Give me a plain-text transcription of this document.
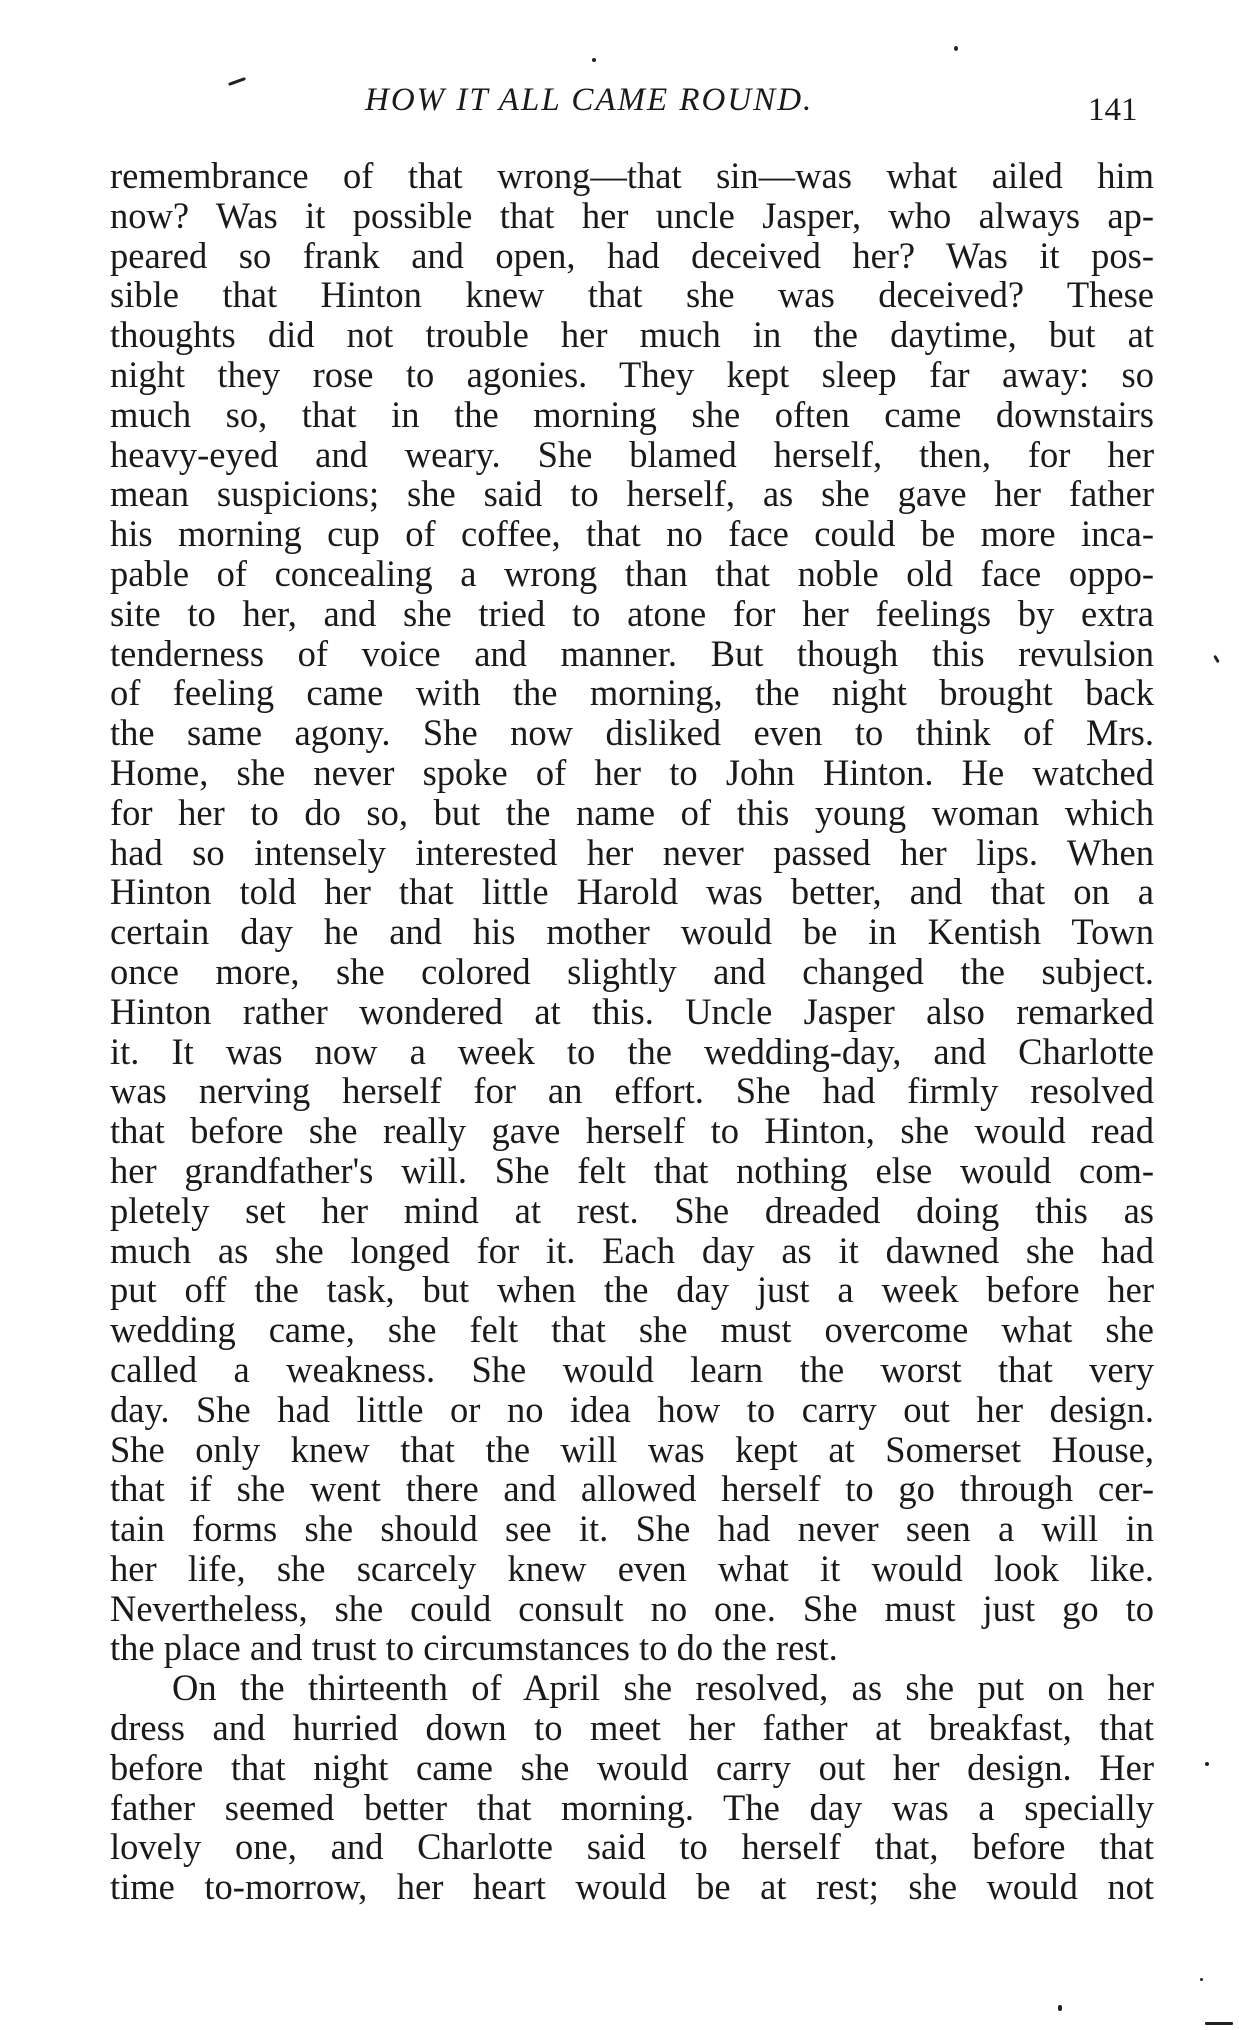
HOW IT ALL CAME ROUND.	141
remembrance of that wrong—that sin—was what ailed him
now? Was it possible that her uncle Jasper, who always ap-
peared so frank and open, had deceived her? Was it pos-
sible that Hinton knew that she was deceived? These
thoughts did not trouble her much in the daytime, but at
night they rose to agonies. They kept sleep far away: so
much so, that in the morning she often came downstairs
heavy-eyed and weary. She blamed herself, then, for her
mean suspicions; she said to herself, as she gave her father
his morning cup of coffee, that no face could be more inca-
pable of concealing a wrong than that noble old face oppo-
site to her, and she tried to atone for her feelings by extra
tenderness of voice and manner. But though this revulsion
of feeling came with the morning, the night brought back
the same agony. She now disliked even to think of Mrs.
Home, she never spoke of her to John Hinton. He watched
for her to do so, but the name of this young woman which
had so intensely interested her never passed her lips. When
Hinton told her that little Harold was better, and that on a
certain day he and his mother would be in Kentish Town
once more, she colored slightly and changed the subject.
Hinton rather wondered at this. Uncle Jasper also remarked
it. It was now a week to the wedding-day, and Charlotte
was nerving herself for an effort. She had firmly resolved
that before she really gave herself to Hinton, she would read
her grandfather's will. She felt that nothing else would com-
pletely set her mind at rest. She dreaded doing this as
much as she longed for it. Each day as it dawned she had
put off the task, but when the day just a week before her
wedding came, she felt that she must overcome what she
called a weakness. She would learn the worst that very
day. She had little or no idea how to carry out her design.
She only knew that the will was kept at Somerset House,
that if she went there and allowed herself to go through cer-
tain forms she should see it. She had never seen a will in
her life, she scarcely knew even what it would look like.
Nevertheless, she could consult no one. She must just go to
the place and trust to circumstances to do the rest.
On the thirteenth of April she resolved, as she put on her
dress and hurried down to meet her father at breakfast, that
before that night came she would carry out her design. Her
father seemed better that morning. The day was a specially
lovely one, and Charlotte said to herself that, before that
time to-morrow, her heart would be at rest; she would not
